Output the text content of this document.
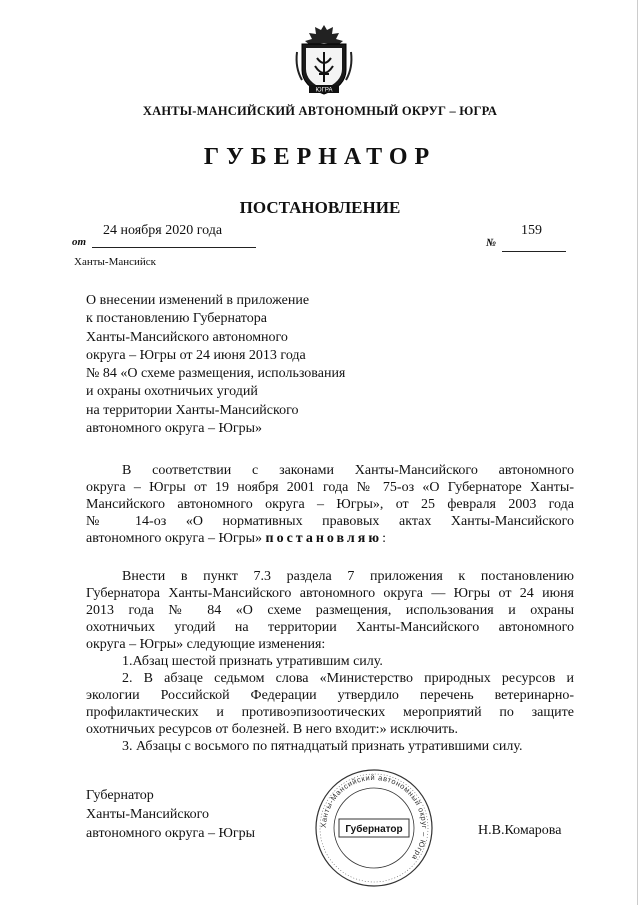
ЮГРА
ХАНТЫ-МАНСИЙСКИЙ АВТОНОМНЫЙ ОКРУГ – ЮГРА
ГУБЕРНАТОР
ПОСТАНОВЛЕНИЕ
24 ноября 2020 года
от
159
№
Ханты-Мансийск
О внесении изменений в приложение
к постановлению Губернатора
Ханты-Мансийского автономного
округа – Югры от 24 июня 2013 года
№ 84 «О схеме размещения, использования
и охраны охотничьих угодий
на территории Ханты-Мансийского
автономного округа – Югры»
В соответствии с законами Ханты-Мансийского автономного
округа – Югры от 19 ноября 2001 года № 75-оз «О Губернаторе Ханты-
Мансийского автономного округа – Югры», от 25 февраля 2003 года
№ 14-оз «О нормативных правовых актах Ханты-Мансийского
автономного округа – Югры» постановляю:
Внести в пункт 7.3 раздела 7 приложения к постановлению
Губернатора Ханты-Мансийского автономного округа — Югры от 24 июня
2013 года № 84 «О схеме размещения, использования и охраны
охотничьих угодий на территории Ханты-Мансийского автономного
округа – Югры» следующие изменения:
1.Абзац шестой признать утратившим силу.
2. В абзаце седьмом слова «Министерство природных ресурсов и
экологии Российской Федерации утвердило перечень ветеринарно-
профилактических и противоэпизоотических мероприятий по защите
охотничьих ресурсов от болезней. В него входит:» исключить.
3. Абзацы с восьмого по пятнадцатый признать утратившими силу.
Губернатор
Ханты-Мансийского
автономного округа – Югры	Н.В.Комарова
Ханты-Мансийский автономный округ – Югра
Губернатор
